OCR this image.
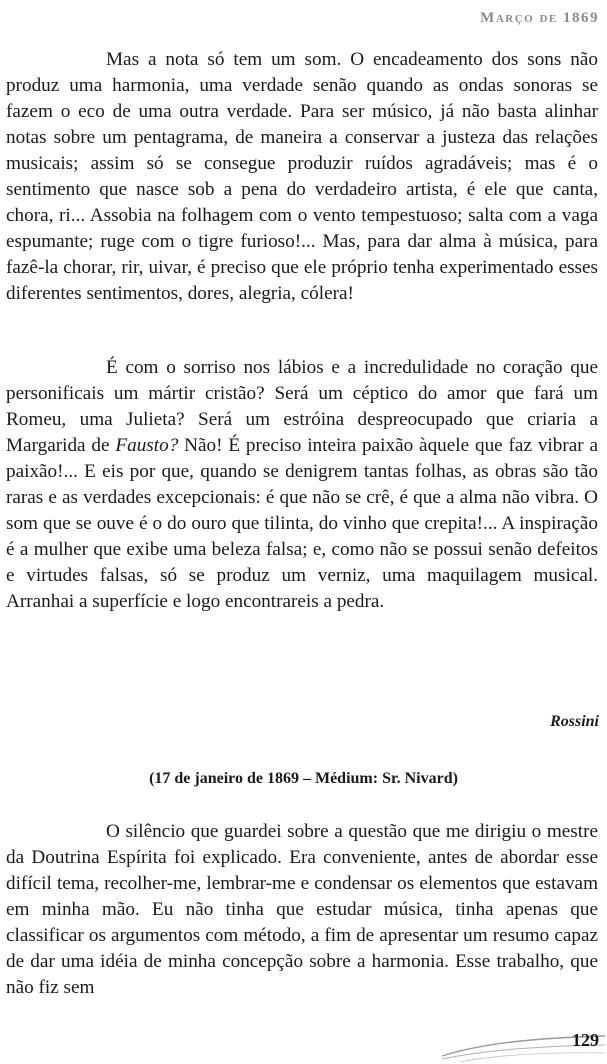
Março de 1869

Mas a nota só tem um som. O encadeamento dos sons não produz uma harmonia, uma verdade senão quando as ondas sonoras se fazem o eco de uma outra verdade. Para ser músico, já não basta alinhar notas sobre um pentagrama, de maneira a conservar a justeza das relações musicais; assim só se consegue produzir ruídos agradáveis; mas é o sentimento que nasce sob a pena do verdadeiro artista, é ele que canta, chora, ri... Assobia na folhagem com o vento tempestuoso; salta com a vaga espumante; ruge com o tigre furioso!... Mas, para dar alma à música, para fazê-la chorar, rir, uivar, é preciso que ele próprio tenha experimentado esses diferentes sentimentos, dores, alegria, cólera!

É com o sorriso nos lábios e a incredulidade no coração que personificais um mártir cristão? Será um céptico do amor que fará um Romeu, uma Julieta? Será um estróina despreocupado que criaria a Margarida de Fausto? Não! É preciso inteira paixão àquele que faz vibrar a paixão!... E eis por que, quando se denigrem tantas folhas, as obras são tão raras e as verdades excepcionais: é que não se crê, é que a alma não vibra. O som que se ouve é o do ouro que tilinta, do vinho que crepita!... A inspiração é a mulher que exibe uma beleza falsa; e, como não se possui senão defeitos e virtudes falsas, só se produz um verniz, uma maquilagem musical. Arranhai a superfície e logo encontrareis a pedra.

Rossini
(17 de janeiro de 1869 – Médium: Sr. Nivard)

O silêncio que guardei sobre a questão que me dirigiu o mestre da Doutrina Espírita foi explicado. Era conveniente, antes de abordar esse difícil tema, recolher-me, lembrar-me e condensar os elementos que estavam em minha mão. Eu não tinha que estudar música, tinha apenas que classificar os argumentos com método, a fim de apresentar um resumo capaz de dar uma idéia de minha concepção sobre a harmonia. Esse trabalho, que não fiz sem

129
